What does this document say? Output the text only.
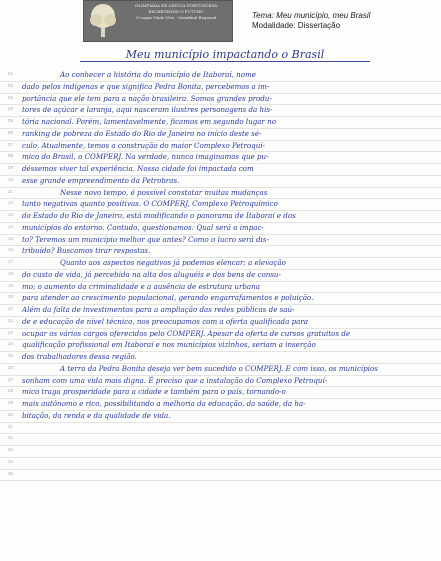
OLIMPÍADA DE LÍNGUA PORTUGUESA
ESCREVENDO O FUTURO
O Lugar Onde Vivo · Semifinal Regional	Tema: Meu município, meu Brasil
Modalidade: Dissertação
Meu município impactando o Brasil
01	Ao conhecer a história do município de Itaboraí, nome
02	dado pelos indígenas e que significa Pedra Bonita, percebemos a im-
03	portância que ele tem para a nação brasileira. Somos grandes produ-
04	tores de açúcar e laranja, aqui nasceram ilustres personagens da his-
05	tória nacional. Porém, lamentavelmente, ficamos em segundo lugar no
06	ranking de pobreza do Estado do Rio de Janeiro no início deste sé-
07	culo. Atualmente, temos a construção do maior Complexo Petroquí-
08	mico do Brasil, o COMPERJ. Na verdade, nunca imaginamos que pu-
09	déssemos viver tal experiência. Nossa cidade foi impactada com
10	esse grande empreendimento da Petrobras.
11	Nesse novo tempo, é possível constatar muitas mudanças
12	tanto negativas quanto positivas. O COMPERJ, Complexo Petroquímico
13	do Estado do Rio de Janeiro, está modificando o panorama de Itaboraí e dos
14	municípios do entorno. Contudo, questionamos: Qual será o impac-
15	to? Teremos um município melhor que antes? Como o lucro será dis-
16	tribuído? Buscamos tirar respostas.
17	Quanto aos aspectos negativos já podemos elencar: a elevação
18	do custo de vida, já percebida na alta dos aluguéis e dos bens de consu-
19	mo; o aumento da criminalidade e a ausência de estrutura urbana
20	para atender ao crescimento populacional, gerando engarrafamentos e poluição.
21	Além da falta de investimentos para a ampliação das redes públicas de saú-
22	de e educação de nível técnico, nos preocupamos com a oferta qualificada para
23	ocupar os vários cargos oferecidos pelo COMPERJ. Apesar da oferta de cursos gratuitos de
24	qualificação profissional em Itaboraí e nos municípios vizinhos, seriam a inserção
25	dos trabalhadores dessa região.
26	A terra da Pedra Bonita deseja ver bem sucedido o COMPERJ. E com isso, os municípios
27	sonham com uma vida mais digna. É preciso que a instalação do Complexo Petroquí-
28	mico traga prosperidade para a cidade e também para o país, tornando-o
29	mais autônomo e rico, possibilitando a melhoria da educação, da saúde, da ha-
30	bitação, da renda e da qualidade de vida.
31
32
33
34
35
